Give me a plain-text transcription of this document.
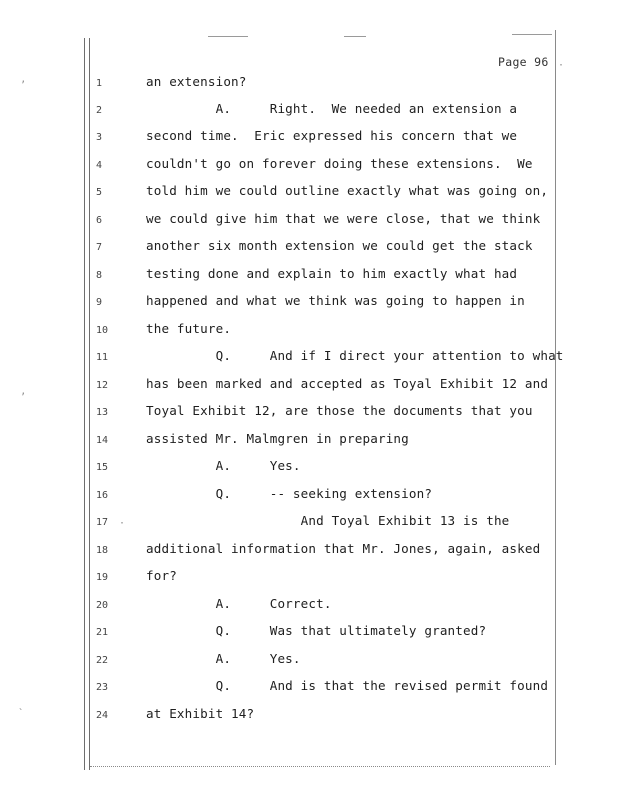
Page 96
1	an extension?
2	A.     Right.  We needed an extension a
3	second time.  Eric expressed his concern that we
4	couldn't go on forever doing these extensions.  We
5	told him we could outline exactly what was going on,
6	we could give him that we were close, that we think
7	another six month extension we could get the stack
8	testing done and explain to him exactly what had
9	happened and what we think was going to happen in
10	the future.
11	Q.     And if I direct your attention to what
12	has been marked and accepted as Toyal Exhibit 12 and
13	Toyal Exhibit 12, are those the documents that you
14	assisted Mr. Malmgren in preparing
15	A.     Yes.
16	Q.     -- seeking extension?
17	And Toyal Exhibit 13 is the
18	additional information that Mr. Jones, again, asked
19	for?
20	A.     Correct.
21	Q.     Was that ultimately granted?
22	A.     Yes.
23	Q.     And is that the revised permit found
24	at Exhibit 14?
’
’
`
·
·
